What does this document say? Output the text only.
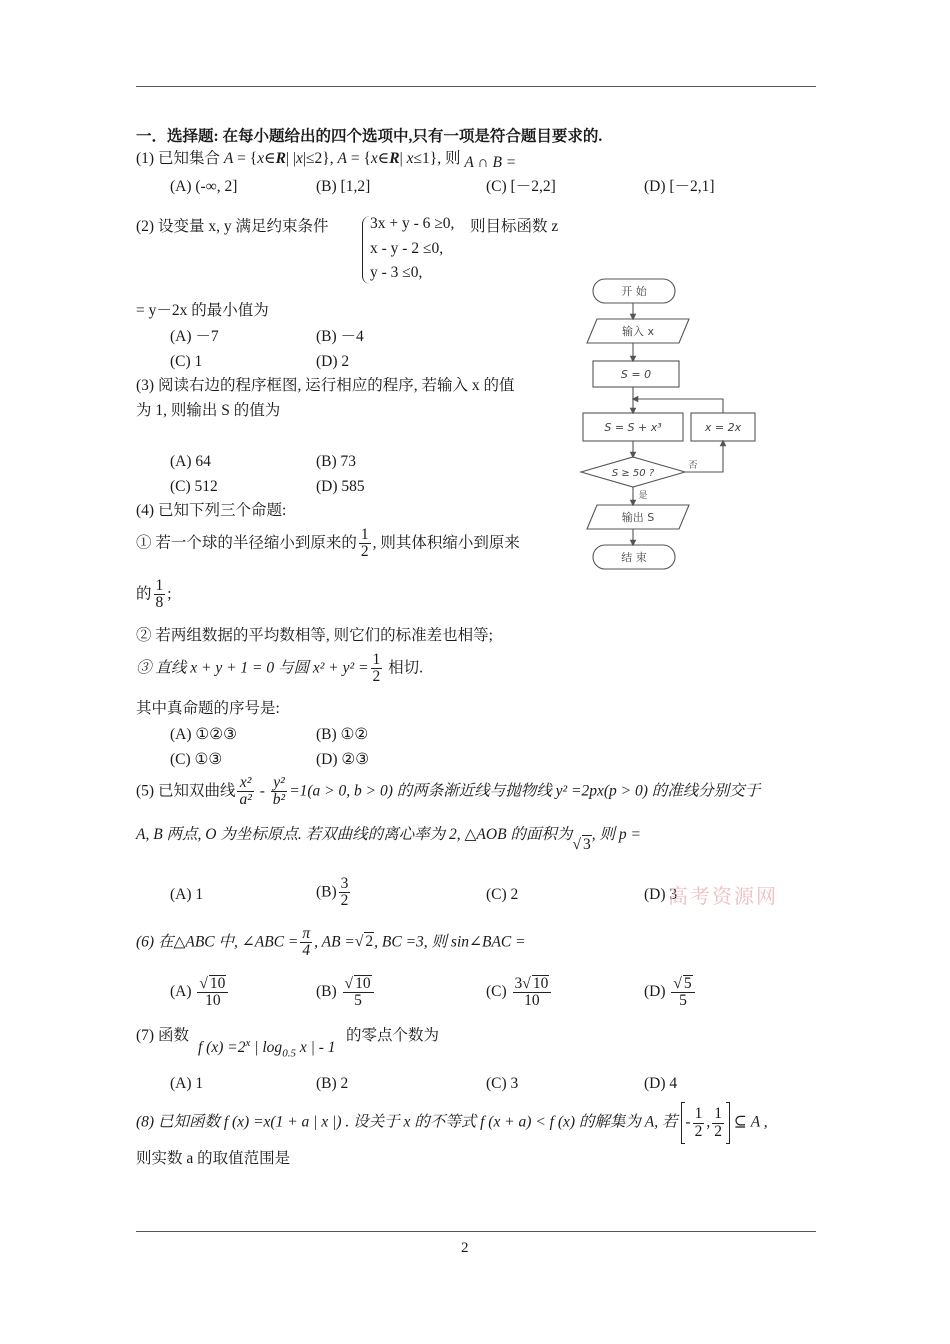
一．选择题: 在每小题给出的四个选项中,只有一项是符合题目要求的.
(1) 已知集合 A = {x∈R| |x|≤2}, A = {x∈R| x≤1}, 则 A ∩ B =
(A) (-∞, 2]	(B) [1,2]	(C) [－2,2]	(D) [－2,1]
(2) 设变量 x, y 满足约束条件	3x + y - 6 ≥0,
x - y - 2 ≤0,
y - 3 ≤0,
则目标函数 z
= y－2x 的最小值为
(A) －7	(B) －4
(C) 1	(D) 2
(3) 阅读右边的程序框图, 运行相应的程序, 若输入 x 的值
为 1, 则输出 S 的值为
(A) 64	(B) 73
(C) 512	(D) 585
开 始
输入 x
S = 0
S = S + x³	x = 2x
S ≥ 50 ?
否
是
输出 S
结 束
(4) 已知下列三个命题:
① 若一个球的半径缩小到原来的 $\frac{1}{2}$ , 则其体积缩小到原来
的 $\frac{1}{8}$ ;
② 若两组数据的平均数相等, 则它们的标准差也相等;
③ 直线 x + y + 1 = 0 与圆 $x^2 + y^2 = \frac{1}{2}$ 相切.
其中真命题的序号是:
(A) ①②③	(B) ①②
(C) ①③	(D) ②③
(5) 已知双曲线 $\frac{\text{x²}}{\text{a²}} - \frac{\text{y²}}{\text{b²}} =1(a > 0$, b > 0) 的两条渐近线与抛物线 y² =2px(p > 0) 的准线分别交于
A, B 两点, O 为坐标原点. 若双曲线的离心率为 2, △AOB 的面积为√ 3, 则 p =
(A) 1	$(B) \frac{3}{2}$	(C) 2	(D) 3
高考资源网
(6) 在△ABC 中, ∠ABC = $\frac{\pi}{4}$ , AB =√ 2, BC =3, 则 sin∠BAC =
$(A) \frac{√ 10}{10}$	$(B) \frac{√ 10}{5}$	$(C) \frac{3√ 10}{10}$	$(D) \frac{√ 5}{5}$
(7) 函数
f $(x) =2^x$ | $\log_{0.5} x$ | - 1
的零点个数为
(A) 1	(B) 2	(C) 3	(D) 4
(8) 已知函数 f (x) =x(1 + a | x |) . 设关于 x 的不等式 f (x + a) < f (x) 的解集为 A, 若 - $\frac{1}{2}$ , $\frac{1}{2}$ ⊆ A ,
则实数 a 的取值范围是
2
